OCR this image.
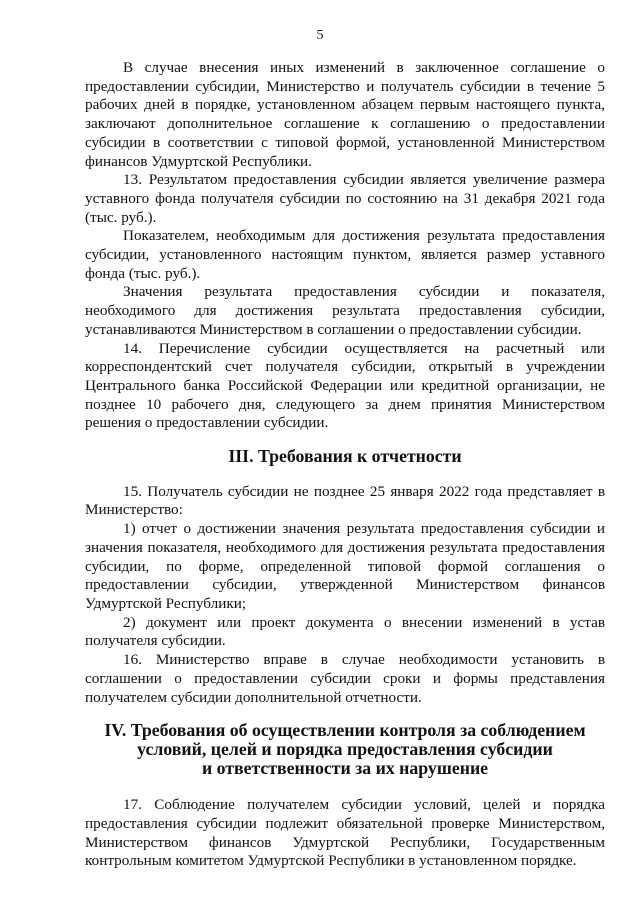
5

В случае внесения иных изменений в заключенное соглашение о предоставлении субсидии, Министерство и получатель субсидии в течение 5 рабочих дней в порядке, установленном абзацем первым настоящего пункта, заключают дополнительное соглашение к соглашению о предоставлении субсидии в соответствии с типовой формой, установленной Министерством финансов Удмуртской Республики.

13. Результатом предоставления субсидии является увеличение размера уставного фонда получателя субсидии по состоянию на 31 декабря 2021 года (тыс. руб.).

Показателем, необходимым для достижения результата предоставления субсидии, установленного настоящим пунктом, является размер уставного фонда (тыс. руб.).

Значения результата предоставления субсидии и показателя, необходимого для достижения результата предоставления субсидии, устанавливаются Министерством в соглашении о предоставлении субсидии.

14. Перечисление субсидии осуществляется на расчетный или корреспондентский счет получателя субсидии, открытый в учреждении Центрального банка Российской Федерации или кредитной организации, не позднее 10 рабочего дня, следующего за днем принятия Министерством решения о предоставлении субсидии.

III. Требования к отчетности

15. Получатель субсидии не позднее 25 января 2022 года представляет в Министерство:

1) отчет о достижении значения результата предоставления субсидии и значения показателя, необходимого для достижения результата предоставления субсидии, по форме, определенной типовой формой соглашения о предоставлении субсидии, утвержденной Министерством финансов Удмуртской Республики;

2) документ или проект документа о внесении изменений в устав получателя субсидии.

16. Министерство вправе в случае необходимости установить в соглашении о предоставлении субсидии сроки и формы представления получателем субсидии дополнительной отчетности.

IV. Требования об осуществлении контроля за соблюдением
условий, целей и порядка предоставления субсидии
и ответственности за их нарушение

17. Соблюдение получателем субсидии условий, целей и порядка предоставления субсидии подлежит обязательной проверке Министерством, Министерством финансов Удмуртской Республики, Государственным контрольным комитетом Удмуртской Республики в установленном порядке.
